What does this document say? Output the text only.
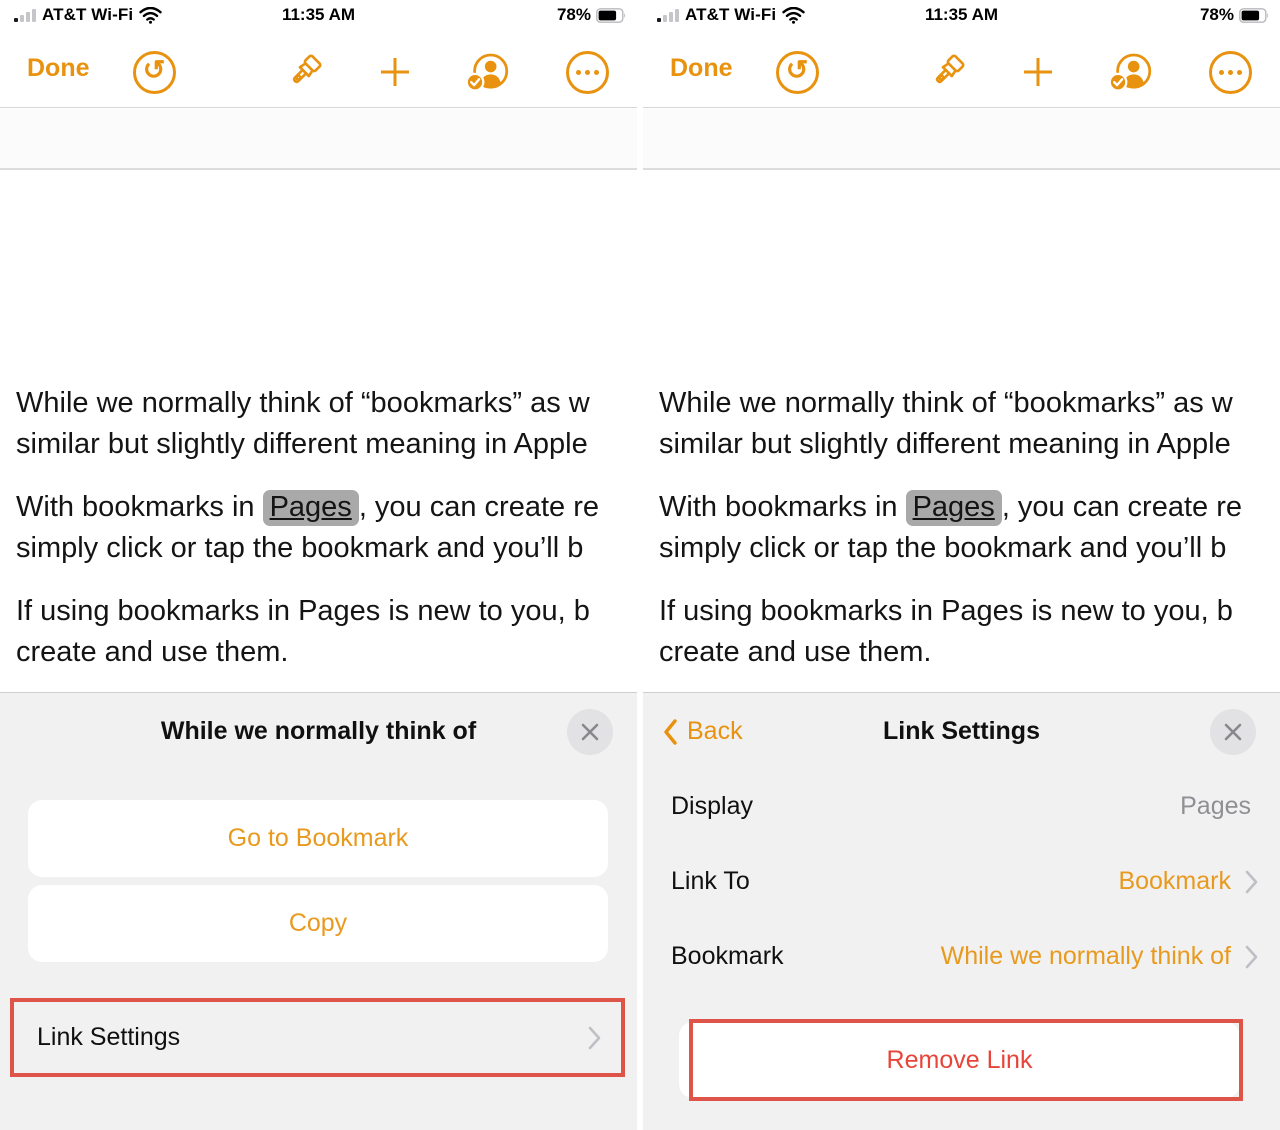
AT&T Wi-Fi	11:35 AM	78%
Done	↺

While we normally think of “bookmarks” as w
similar but slightly different meaning in Apple

With bookmarks in Pages , you can create re
simply click or tap the bookmark and you’ll b

If using bookmarks in Pages is new to you, b
create and use them.

While we normally think of
Go to Bookmark
Copy
Link Settings
AT&T Wi-Fi	11:35 AM	78%
Done	↺

While we normally think of “bookmarks” as w
similar but slightly different meaning in Apple

With bookmarks in Pages , you can create re
simply click or tap the bookmark and you’ll b

If using bookmarks in Pages is new to you, b
create and use them.

Back	Link Settings
Display	Pages
Link To	Bookmark
Bookmark	While we normally think of
Remove Link
